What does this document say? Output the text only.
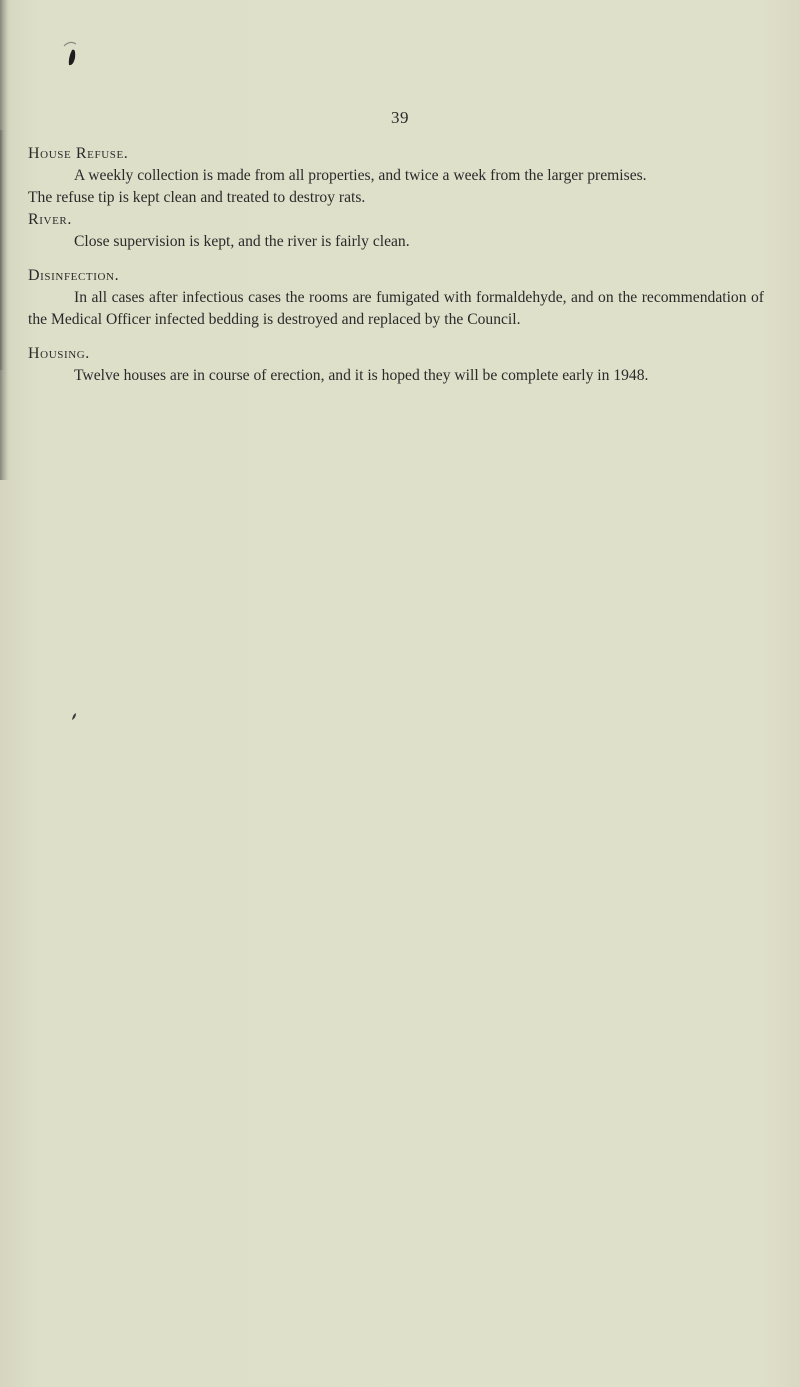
39

House Refuse.

A weekly collection is made from all properties, and twice a week from the larger premises.

The refuse tip is kept clean and treated to destroy rats.

River.

Close supervision is kept, and the river is fairly clean.

Disinfection.

In all cases after infectious cases the rooms are fumigated with formaldehyde, and on the recommendation of the Medical Officer infected bedding is destroyed and replaced by the Council.

Housing.

Twelve houses are in course of erection, and it is hoped they will be complete early in 1948.
